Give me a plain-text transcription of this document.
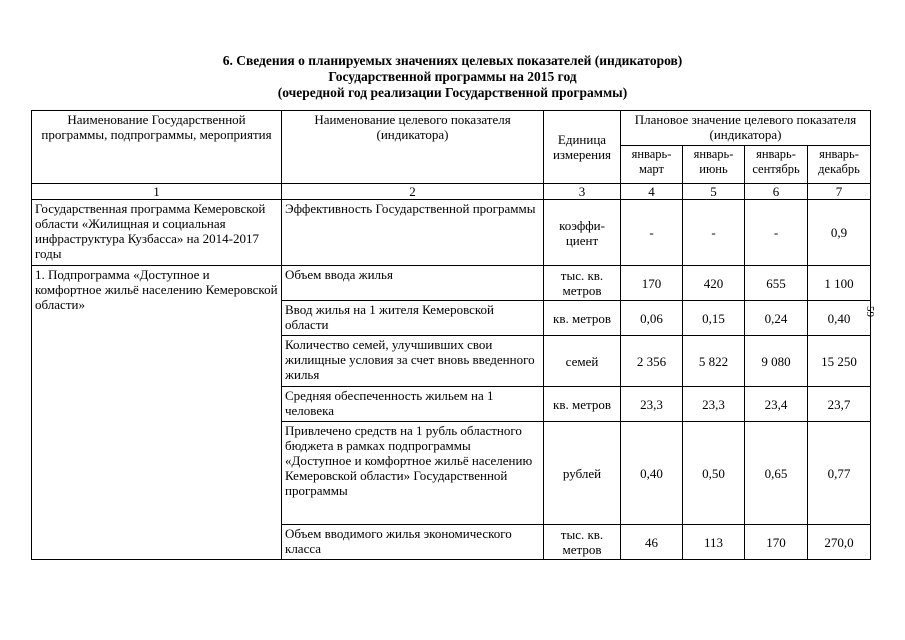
6. Сведения о планируемых значениях целевых показателей (индикаторов)
Государственной программы на 2015 год
(очередной год реализации Государственной программы)
Наименование Государственной программы, подпрограммы, мероприятия	Наименование целевого показателя (индикатора)	Единица измерения	Плановое значение целевого показателя (индикатора)			
			январь-март	январь-июнь	январь-сентябрь	январь-декабрь
1	2	3	4	5	6	7
Государственная программа Кемеровской области «Жилищная и социальная инфраструктура Кузбасса» на 2014-2017 годы	Эффективность Государственной программы	коэффи-циент	-	-	-	0,9
1. Подпрограмма «Доступное и комфортное жильё населению Кемеровской области»	Объем ввода жилья	тыс. кв. метров	170	420	655	1 100
	Ввод жилья на 1 жителя Кемеровской области	кв. метров	0,06	0,15	0,24	0,40
	Количество семей, улучшивших свои жилищные условия за счет вновь введенного жилья	семей	2 356	5 822	9 080	15 250
	Средняя обеспеченность жильем на 1 человека	кв. метров	23,3	23,3	23,4	23,7
	Привлечено средств на 1 рубль областного бюджета в рамках подпрограммы «Доступное и комфортное жильё населению Кемеровской области» Государственной программы	рублей	0,40	0,50	0,65	0,77
	Объем вводимого жилья экономического класса	тыс. кв. метров	46	113	170	270,0
59
